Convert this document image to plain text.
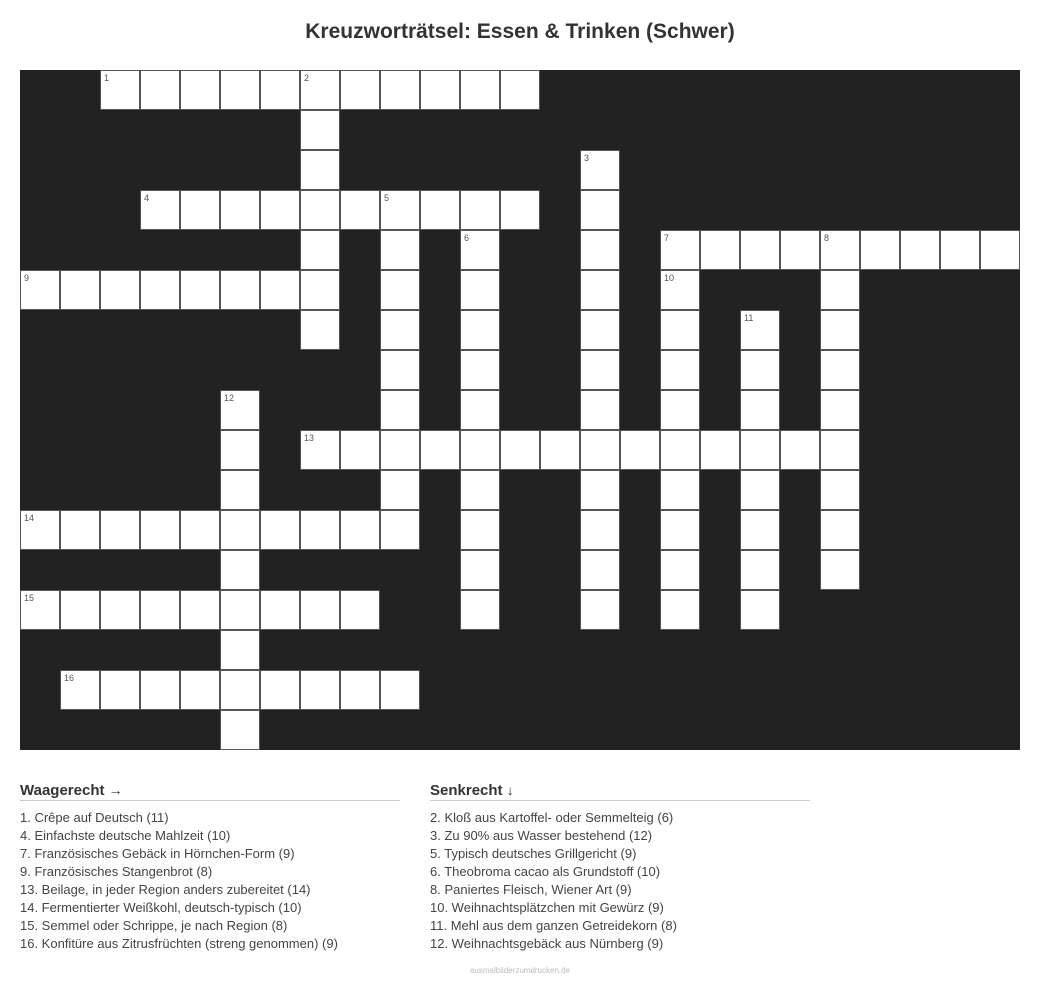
Kreuzworträtsel: Essen & Trinken (Schwer)
1	2
3
4	5
6	7	8
9	10
11
12
13
14
15
16
Waagerecht →
1. Crêpe auf Deutsch (11)
4. Einfachste deutsche Mahlzeit (10)
7. Französisches Gebäck in Hörnchen-Form (9)
9. Französisches Stangenbrot (8)
13. Beilage, in jeder Region anders zubereitet (14)
14. Fermentierter Weißkohl, deutsch-typisch (10)
15. Semmel oder Schrippe, je nach Region (8)
16. Konfitüre aus Zitrusfrüchten (streng genommen) (9)
Senkrecht ↓
2. Kloß aus Kartoffel- oder Semmelteig (6)
3. Zu 90% aus Wasser bestehend (12)
5. Typisch deutsches Grillgericht (9)
6. Theobroma cacao als Grundstoff (10)
8. Paniertes Fleisch, Wiener Art (9)
10. Weihnachtsplätzchen mit Gewürz (9)
11. Mehl aus dem ganzen Getreidekorn (8)
12. Weihnachtsgebäck aus Nürnberg (9)
ausmalbilderzumdrucken.de
